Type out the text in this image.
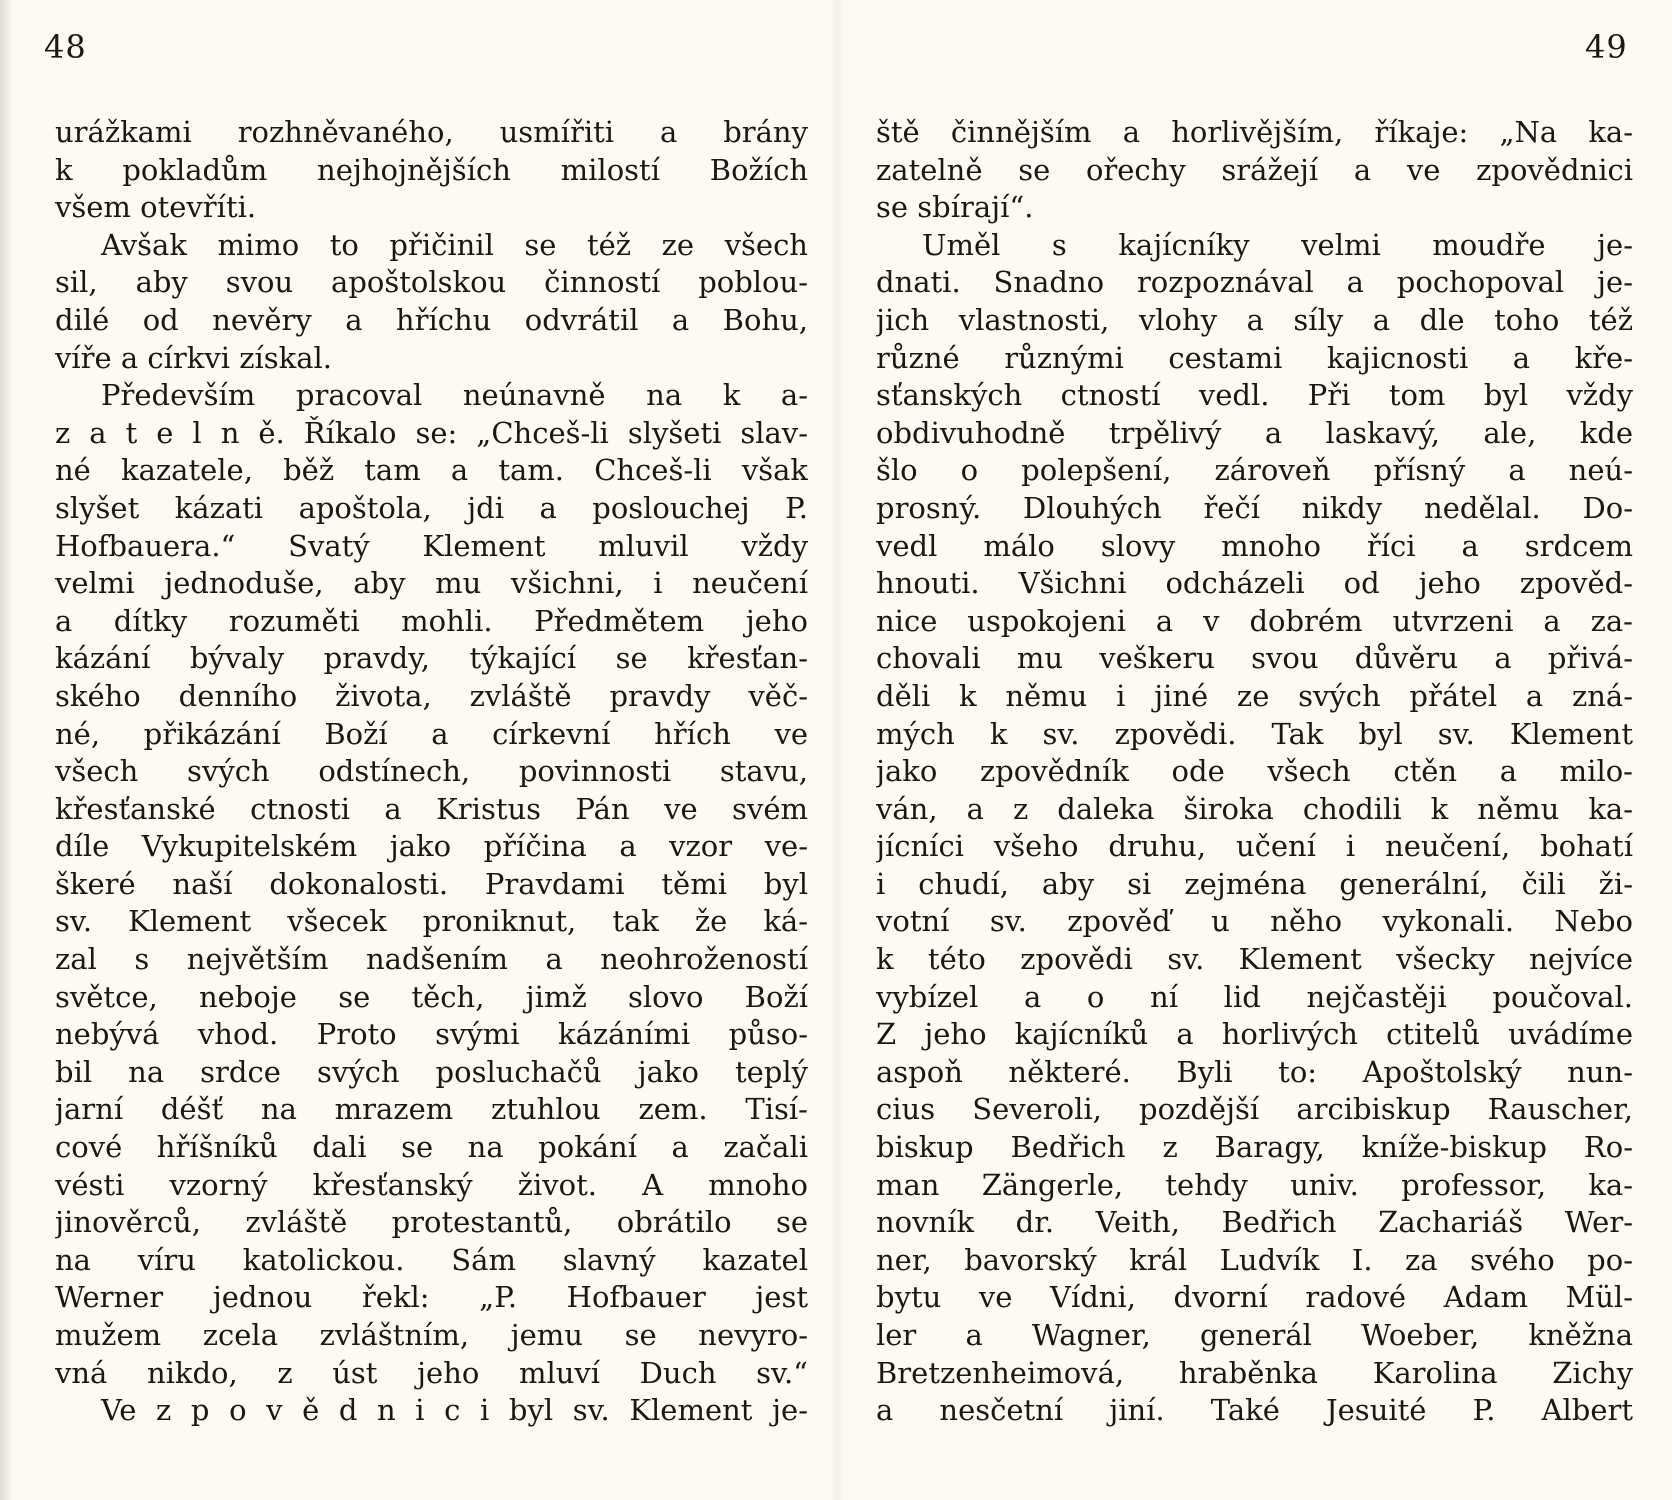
48
urážkami rozhněvaného, usmířiti a brány
k pokladům nejhojnějších milostí Božích
všem otevříti.
Avšak mimo to přičinil se též ze všech
sil, aby svou apoštolskou činností poblou-
dilé od nevěry a hříchu odvrátil a Bohu,
víře a církvi získal.
Především pracoval neúnavně na k a-
z a t e l n ě. Říkalo se: „Chceš-li slyšeti slav-
né kazatele, běž tam a tam. Chceš-li však
slyšet kázati apoštola, jdi a poslouchej P.
Hofbauera.“ Svatý Klement mluvil vždy
velmi jednoduše, aby mu všichni, i neučení
a dítky rozuměti mohli. Předmětem jeho
kázání bývaly pravdy, týkající se křesťan-
ského denního života, zvláště pravdy věč-
né, přikázání Boží a církevní hřích ve
všech svých odstínech, povinnosti stavu,
křesťanské ctnosti a Kristus Pán ve svém
díle Vykupitelském jako příčina a vzor ve-
škeré naší dokonalosti. Pravdami těmi byl
sv. Klement všecek proniknut, tak že ká-
zal s největším nadšením a neohrožeností
světce, neboje se těch, jimž slovo Boží
nebývá vhod. Proto svými kázáními půso-
bil na srdce svých posluchačů jako teplý
jarní déšť na mrazem ztuhlou zem. Tisí-
cové hříšníků dali se na pokání a začali
vésti vzorný křesťanský život. A mnoho
jinověrců, zvláště protestantů, obrátilo se
na víru katolickou. Sám slavný kazatel
Werner jednou řekl: „P. Hofbauer jest
mužem zcela zvláštním, jemu se nevyro-
vná nikdo, z úst jeho mluví Duch sv.“
Ve z p o v ě d n i c i byl sv. Klement je-
49
ště činnějším a horlivějším, říkaje: „Na ka-
zatelně se ořechy srážejí a ve zpovědnici
se sbírají“.
Uměl s kajícníky velmi moudře je-
dnati. Snadno rozpoznával a pochopoval je-
jich vlastnosti, vlohy a síly a dle toho též
různé různými cestami kajicnosti a kře-
sťanských ctností vedl. Při tom byl vždy
obdivuhodně trpělivý a laskavý, ale, kde
šlo o polepšení, zároveň přísný a neú-
prosný. Dlouhých řečí nikdy nedělal. Do-
vedl málo slovy mnoho říci a srdcem
hnouti. Všichni odcházeli od jeho zpověd-
nice uspokojeni a v dobrém utvrzeni a za-
chovali mu veškeru svou důvěru a přivá-
děli k němu i jiné ze svých přátel a zná-
mých k sv. zpovědi. Tak byl sv. Klement
jako zpovědník ode všech ctěn a milo-
ván, a z daleka široka chodili k němu ka-
jícníci všeho druhu, učení i neučení, bohatí
i chudí, aby si zejména generální, čili ži-
votní sv. zpověď u něho vykonali. Nebo
k této zpovědi sv. Klement všecky nejvíce
vybízel a o ní lid nejčastěji poučoval.
Z jeho kajícníků a horlivých ctitelů uvádíme
aspoň některé. Byli to: Apoštolský nun-
cius Severoli, pozdější arcibiskup Rauscher,
biskup Bedřich z Baragy, kníže-biskup Ro-
man Zängerle, tehdy univ. professor, ka-
novník dr. Veith, Bedřich Zachariáš Wer-
ner, bavorský král Ludvík I. za svého po-
bytu ve Vídni, dvorní radové Adam Mül-
ler a Wagner, generál Woeber, kněžna
Bretzenheimová, hraběnka Karolina Zichy
a nesčetní jiní. Také Jesuité P. Albert
